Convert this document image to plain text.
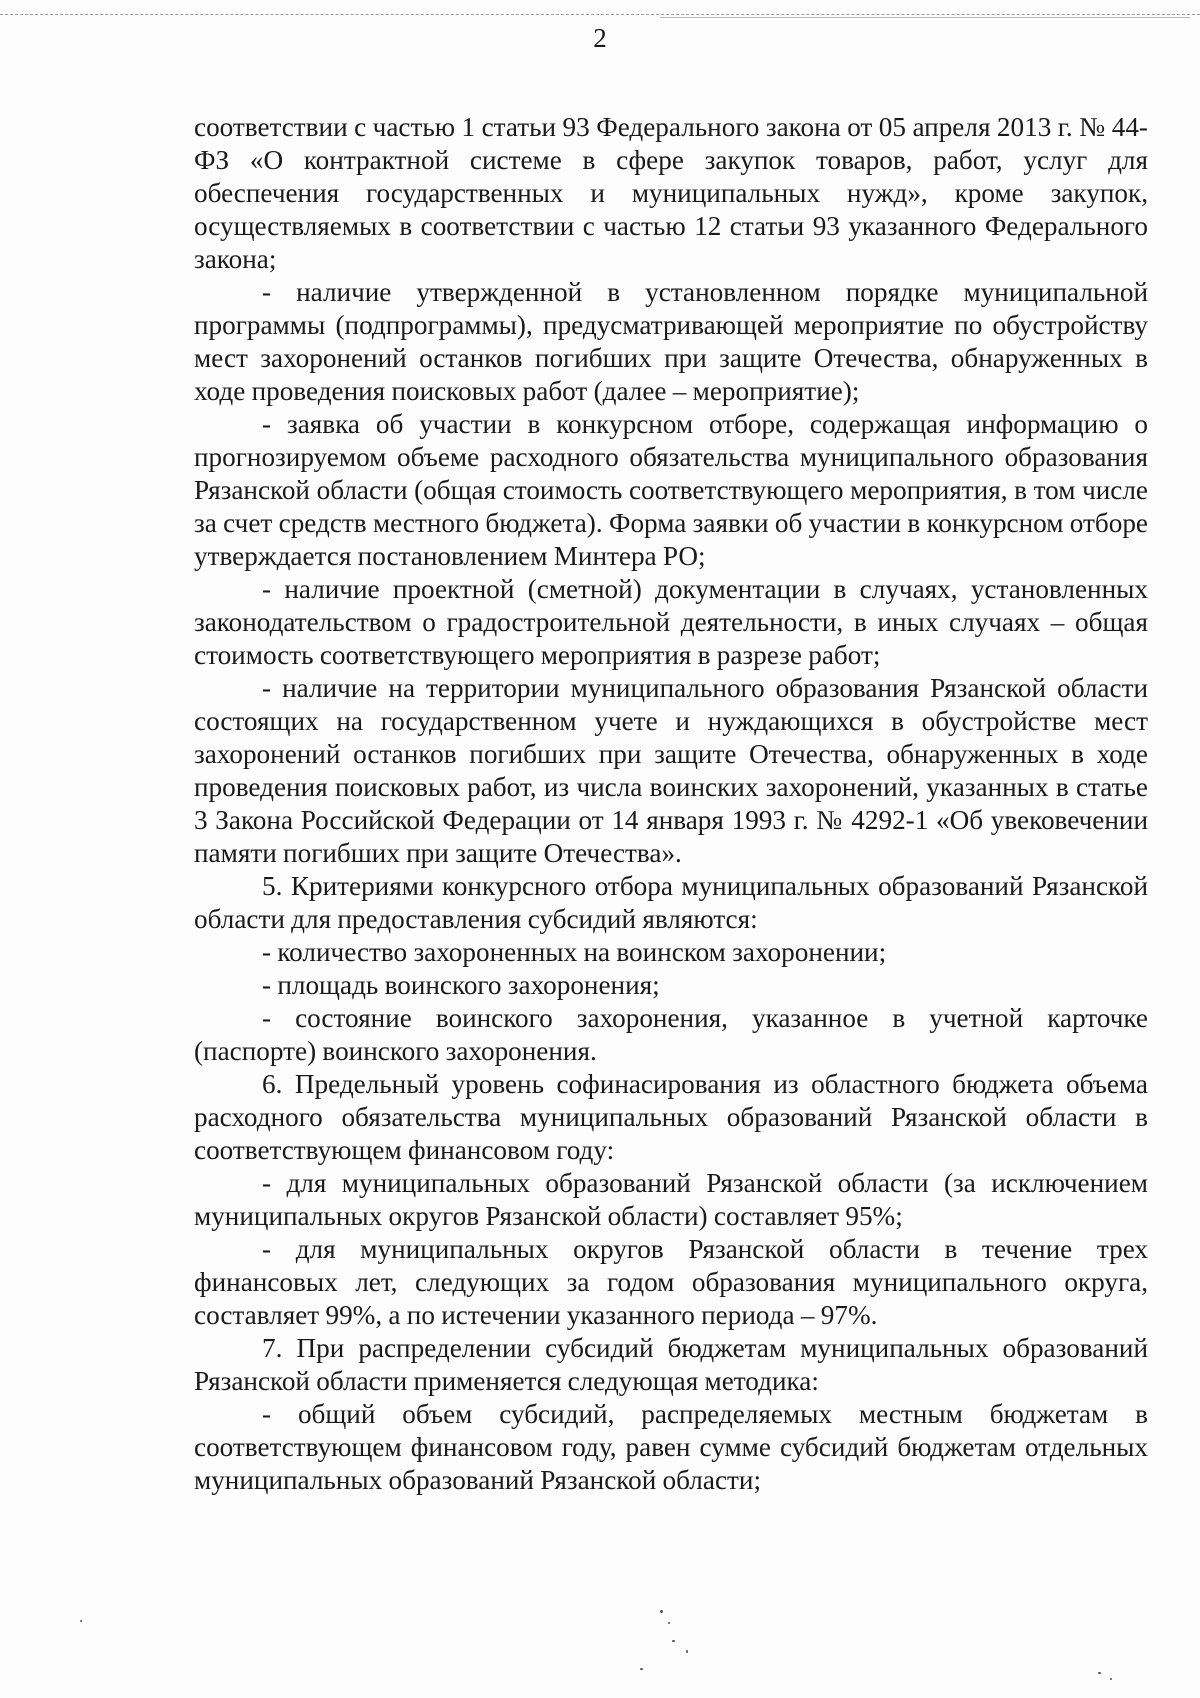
2

соответствии с частью 1 статьи 93 Федерального закона от 05 апреля 2013 г. № 44-ФЗ «О контрактной системе в сфере закупок товаров, работ, услуг для обеспечения государственных и муниципальных нужд», кроме закупок, осуществляемых в соответствии с частью 12 статьи 93 указанного Федерального закона;

- наличие утвержденной в установленном порядке муниципальной программы (подпрограммы), предусматривающей мероприятие по обустройству мест захоронений останков погибших при защите Отечества, обнаруженных в ходе проведения поисковых работ (далее – мероприятие);

- заявка об участии в конкурсном отборе, содержащая информацию о прогнозируемом объеме расходного обязательства муниципального образования Рязанской области (общая стоимость соответствующего мероприятия, в том числе за счет средств местного бюджета). Форма заявки об участии в конкурсном отборе утверждается постановлением Минтера РО;

- наличие проектной (сметной) документации в случаях, установленных законодательством о градостроительной деятельности, в иных случаях – общая стоимость соответствующего мероприятия в разрезе работ;

- наличие на территории муниципального образования Рязанской области состоящих на государственном учете и нуждающихся в обустройстве мест захоронений останков погибших при защите Отечества, обнаруженных в ходе проведения поисковых работ, из числа воинских захоронений, указанных в статье 3 Закона Российской Федерации от 14 января 1993 г. № 4292-1 «Об увековечении памяти погибших при защите Отечества».

5. Критериями конкурсного отбора муниципальных образований Рязанской области для предоставления субсидий являются:

- количество захороненных на воинском захоронении;

- площадь воинского захоронения;

- состояние воинского захоронения, указанное в учетной карточке (паспорте) воинского захоронения.

6. Предельный уровень софинасирования из областного бюджета объема расходного обязательства муниципальных образований Рязанской области в соответствующем финансовом году:

- для муниципальных образований Рязанской области (за исключением муниципальных округов Рязанской области) составляет 95%;

- для муниципальных округов Рязанской области в течение трех финансовых лет, следующих за годом образования муниципального округа, составляет 99%, а по истечении указанного периода – 97%.

7. При распределении субсидий бюджетам муниципальных образований Рязанской области применяется следующая методика:

- общий объем субсидий, распределяемых местным бюджетам в соответствующем финансовом году, равен сумме субсидий бюджетам отдельных муниципальных образований Рязанской области;
